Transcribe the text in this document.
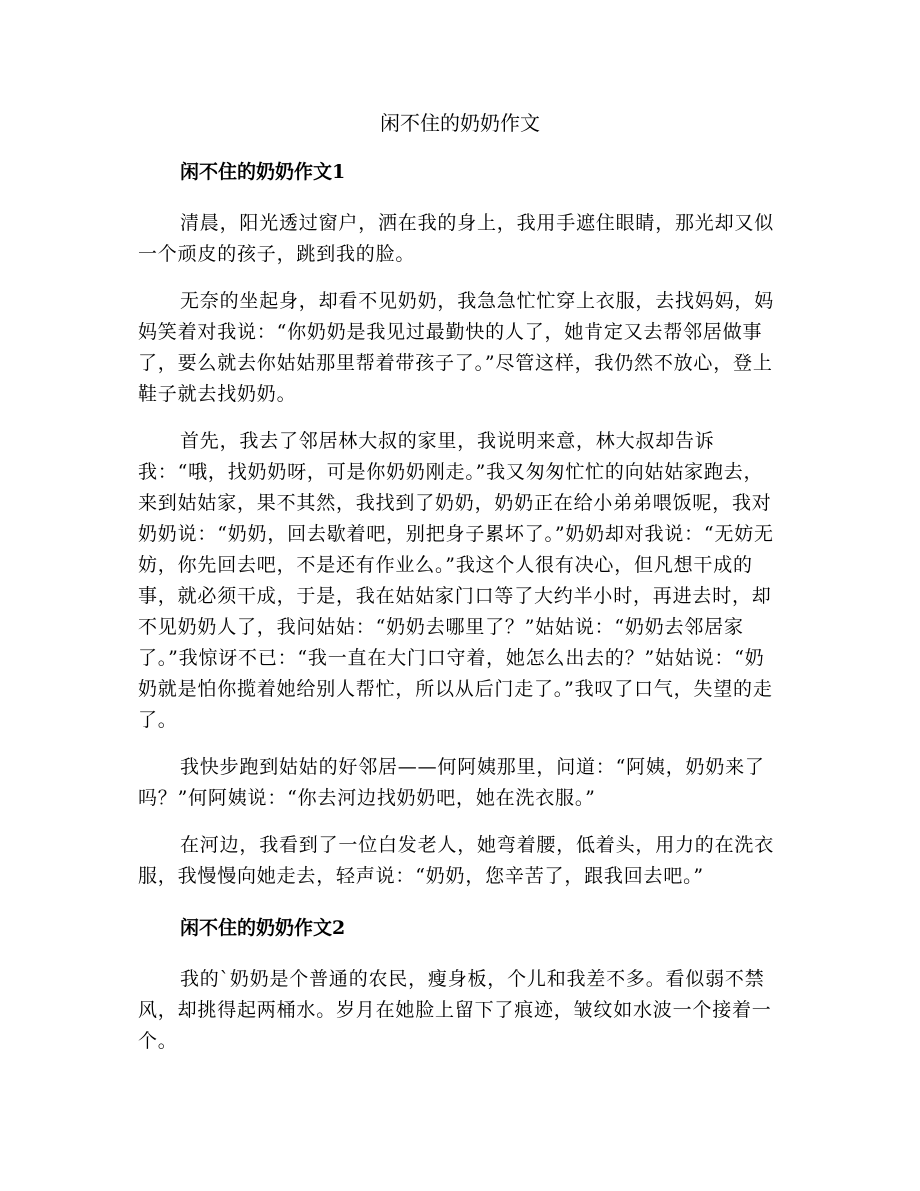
闲不住的奶奶作文
闲不住的奶奶作文1

清晨，阳光透过窗户，洒在我的身上，我用手遮住眼睛，那光却又似一个顽皮的孩子，跳到我的脸。

无奈的坐起身，却看不见奶奶，我急急忙忙穿上衣服，去找妈妈，妈妈笑着对我说：“你奶奶是我见过最勤快的人了，她肯定又去帮邻居做事了，要么就去你姑姑那里帮着带孩子了。”尽管这样，我仍然不放心，登上鞋子就去找奶奶。

首先，我去了邻居林大叔的家里，我说明来意，林大叔却告诉我：“哦，找奶奶呀，可是你奶奶刚走。”我又匆匆忙忙的向姑姑家跑去，来到姑姑家，果不其然，我找到了奶奶，奶奶正在给小弟弟喂饭呢，我对奶奶说：“奶奶，回去歇着吧，别把身子累坏了。”奶奶却对我说：“无妨无妨，你先回去吧，不是还有作业么。”我这个人很有决心，但凡想干成的事，就必须干成，于是，我在姑姑家门口等了大约半小时，再进去时，却不见奶奶人了，我问姑姑：“奶奶去哪里了？”姑姑说：“奶奶去邻居家了。”我惊讶不已：“我一直在大门口守着，她怎么出去的？”姑姑说：“奶奶就是怕你揽着她给别人帮忙，所以从后门走了。”我叹了口气，失望的走了。

我快步跑到姑姑的好邻居——何阿姨那里，问道：“阿姨，奶奶来了吗？”何阿姨说：“你去河边找奶奶吧，她在洗衣服。”

在河边，我看到了一位白发老人，她弯着腰，低着头，用力的在洗衣服，我慢慢向她走去，轻声说：“奶奶，您辛苦了，跟我回去吧。”

闲不住的奶奶作文2

我的`奶奶是个普通的农民，瘦身板，个儿和我差不多。看似弱不禁风，却挑得起两桶水。岁月在她脸上留下了痕迹，皱纹如水波一个接着一个。
